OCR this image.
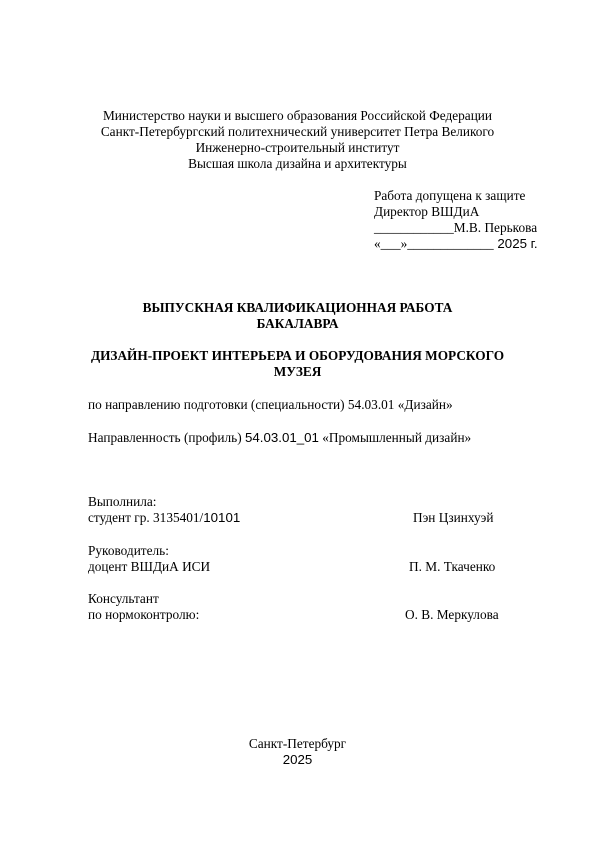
Министерство науки и высшего образования Российской Федерации
Санкт-Петербургский политехнический университет Петра Великого
Инженерно-строительный институт
Высшая школа дизайна и архитектуры
Работа допущена к защите
Директор ВШДиА
____________М.В. Перькова
«___»_____________ 2025 г.
ВЫПУСКНАЯ КВАЛИФИКАЦИОННАЯ РАБОТА
БАКАЛАВРА
ДИЗАЙН-ПРОЕКТ ИНТЕРЬЕРА И ОБОРУДОВАНИЯ МОРСКОГО
МУЗЕЯ
по направлению подготовки (специальности) 54.03.01 «Дизайн»
Направленность (профиль) 54.03.01_01 «Промышленный дизайн»
Выполнила:
студент гр. 3135401/10101	Пэн Цзинхуэй
Руководитель:
доцент ВШДиА ИСИ	П. М. Ткаченко
Консультант
по нормоконтролю:	О. В. Меркулова
Санкт-Петербург
2025
